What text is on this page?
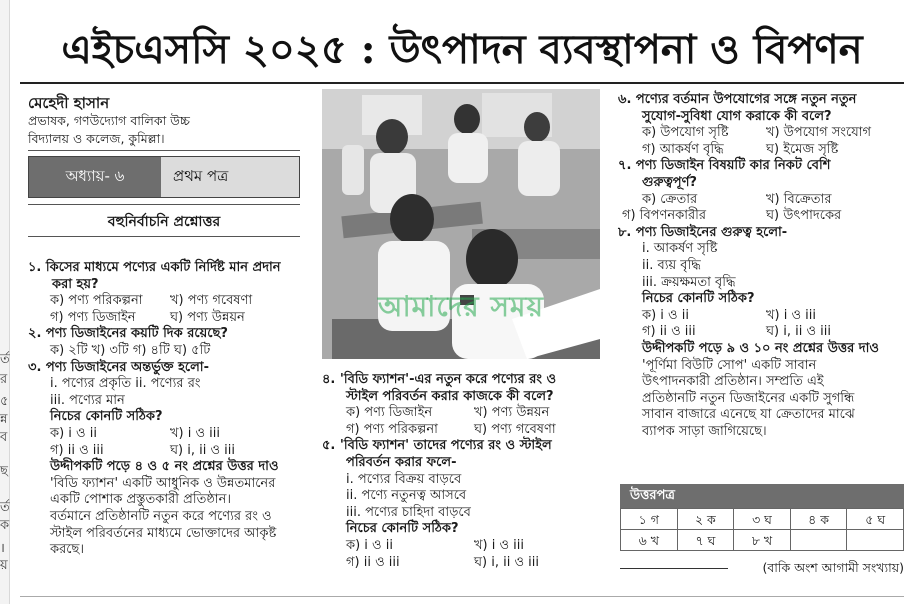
র্ত
র
৫
ন্ন
ব
ছ
র্ত
ক
।
য়
এইচএসসি ২০২৫ : উৎপাদন ব্যবস্থাপনা ও বিপণন
মেহেদী হাসান

প্রভাষক, গণউদ্যোগ বালিকা উচ্চ

বিদ্যালয় ও কলেজ, কুমিল্লা।

অধ্যায়- ৬	প্রথম পত্র
বহুনির্বাচনি প্রশ্নোত্তর

১. কিসের মাধ্যমে পণ্যের একটি নির্দিষ্ট মান প্রদান

করা হয়?

ক) পণ্য পরিকল্পনা	খ) পণ্য গবেষণা
গ) পণ্য ডিজাইন	ঘ) পণ্য উন্নয়ন

২. পণ্য ডিজাইনের কয়টি দিক রয়েছে?

ক) ২টি খ) ৩টি গ) ৪টি ঘ) ৫টি

৩. পণ্য ডিজাইনের অন্তর্ভুক্ত হলো-

i. পণ্যের প্রকৃতি ii. পণ্যের রং

iii. পণ্যের মান

নিচের কোনটি সঠিক?

ক) i ও ii	খ) i ও iii
গ) ii ও iii	ঘ) i, ii ও iii

উদ্দীপকটি পড়ে ৪ ও ৫ নং প্রশ্নের উত্তর দাও

'বিডি ফ্যাশন' একটি আধুনিক ও উন্নতমানের

একটি পোশাক প্রস্তুতকারী প্রতিষ্ঠান।

বর্তমানে প্রতিষ্ঠানটি নতুন করে পণ্যের রং ও

স্টাইল পরিবর্তনের মাধ্যমে ভোক্তাদের আকৃষ্ট

করছে।

আমাদের সময়

৪. 'বিডি ফ্যাশন'-এর নতুন করে পণ্যের রং ও

স্টাইল পরিবর্তন করার কাজকে কী বলে?

ক) পণ্য ডিজাইন	খ) পণ্য উন্নয়ন
গ) পণ্য পরিকল্পনা	ঘ) পণ্য গবেষণা

৫. 'বিডি ফ্যাশন' তাদের পণ্যের রং ও স্টাইল

পরিবর্তন করার ফলে-

i. পণ্যের বিক্রয় বাড়বে

ii. পণ্যে নতুনত্ব আসবে

iii. পণ্যের চাহিদা বাড়বে

নিচের কোনটি সঠিক?

ক) i ও ii	খ) i ও iii
গ) ii ও iii	ঘ) i, ii ও iii

৬. পণ্যের বর্তমান উপযোগের সঙ্গে নতুন নতুন

সুযোগ-সুবিধা যোগ করাকে কী বলে?

ক) উপযোগ সৃষ্টি	খ) উপযোগ সংযোগ
গ) আকর্ষণ বৃদ্ধি	ঘ) ইমেজ সৃষ্টি

৭. পণ্য ডিজাইন বিষয়টি কার নিকট বেশি

গুরুত্বপূর্ণ?

ক) ক্রেতার	খ) বিক্রেতার
গ) বিপণনকারীর	ঘ) উৎপাদকের

৮. পণ্য ডিজাইনের গুরুত্ব হলো-

i. আকর্ষণ সৃষ্টি

ii. ব্যয় বৃদ্ধি

iii. ক্রয়ক্ষমতা বৃদ্ধি

নিচের কোনটি সঠিক?

ক) i ও ii	খ) i ও iii
গ) ii ও iii	ঘ) i, ii ও iii

উদ্দীপকটি পড়ে ৯ ও ১০ নং প্রশ্নের উত্তর দাও

'পূর্ণিমা বিউটি সোপ' একটি সাবান

উৎপাদনকারী প্রতিষ্ঠান। সম্প্রতি এই

প্রতিষ্ঠানটি নতুন ডিজাইনের একটি সুগন্ধি

সাবান বাজারে এনেছে যা ক্রেতাদের মাঝে

ব্যাপক সাড়া জাগিয়েছে।

উত্তরপত্র
১ গ	২ ক	৩ ঘ	৪ ক	৫ ঘ
৬ খ	৭ ঘ	৮ খ
(বাকি অংশ আগামী সংখ্যায়)
